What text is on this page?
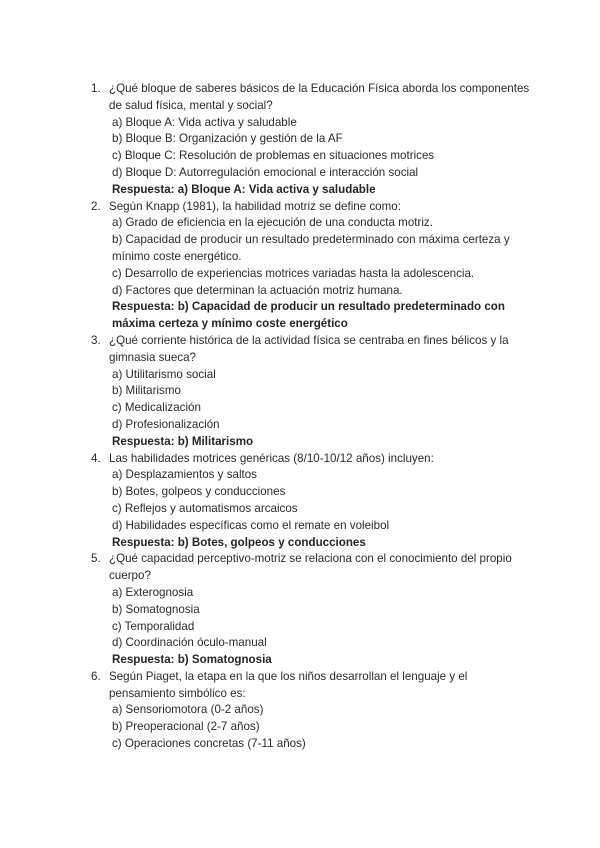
1. ¿Qué bloque de saberes básicos de la Educación Física aborda los componentes de salud física, mental y social?
a) Bloque A: Vida activa y saludable
b) Bloque B: Organización y gestión de la AF
c) Bloque C: Resolución de problemas en situaciones motrices
d) Bloque D: Autorregulación emocional e interacción social
Respuesta: a) Bloque A: Vida activa y saludable
2. Según Knapp (1981), la habilidad motriz se define como:
a) Grado de eficiencia en la ejecución de una conducta motriz.
b) Capacidad de producir un resultado predeterminado con máxima certeza y mínimo coste energético.
c) Desarrollo de experiencias motrices variadas hasta la adolescencia.
d) Factores que determinan la actuación motriz humana.
Respuesta: b) Capacidad de producir un resultado predeterminado con máxima certeza y mínimo coste energético
3. ¿Qué corriente histórica de la actividad física se centraba en fines bélicos y la gimnasia sueca?
a) Utilitarismo social
b) Militarismo
c) Medicalización
d) Profesionalización
Respuesta: b) Militarismo
4. Las habilidades motrices genéricas (8/10-10/12 años) incluyen:
a) Desplazamientos y saltos
b) Botes, golpeos y conducciones
c) Reflejos y automatismos arcaicos
d) Habilidades específicas como el remate en voleibol
Respuesta: b) Botes, golpeos y conducciones
5. ¿Qué capacidad perceptivo-motriz se relaciona con el conocimiento del propio cuerpo?
a) Exterognosia
b) Somatognosia
c) Temporalidad
d) Coordinación óculo-manual
Respuesta: b) Somatognosia
6. Según Piaget, la etapa en la que los niños desarrollan el lenguaje y el pensamiento simbólico es:
a) Sensoriomotora (0-2 años)
b) Preoperacional (2-7 años)
c) Operaciones concretas (7-11 años)
